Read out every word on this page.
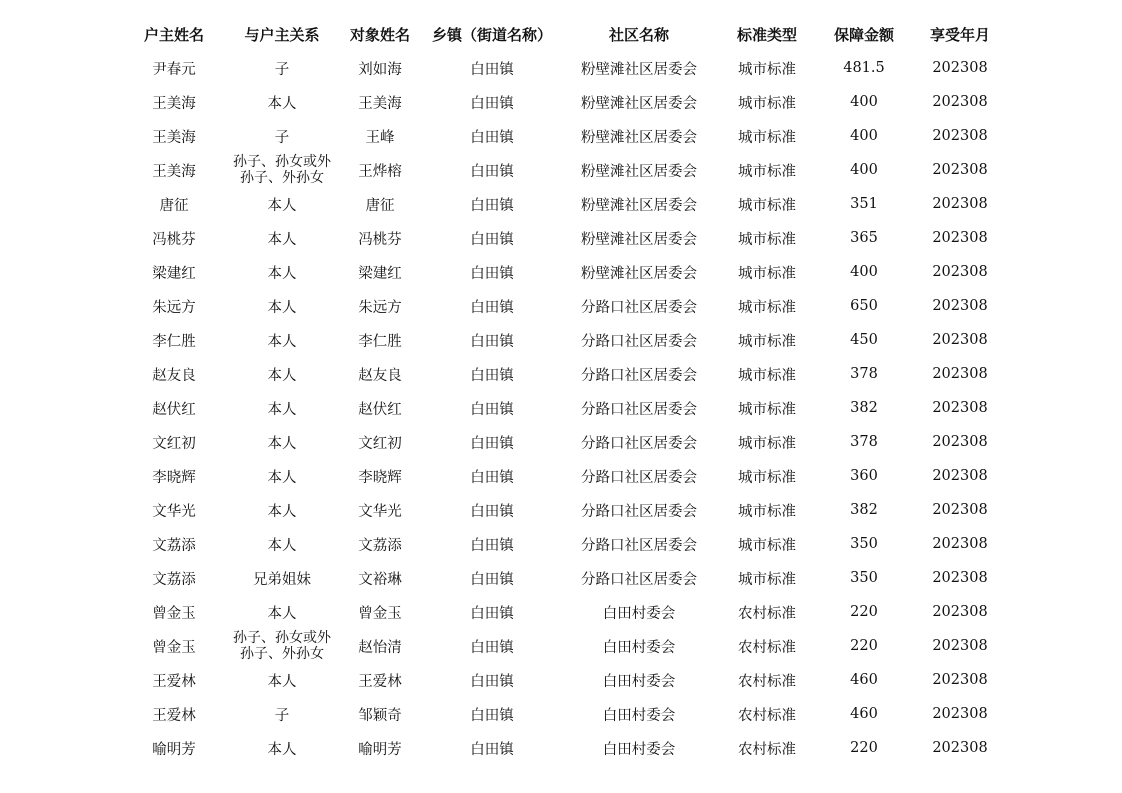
户主姓名	与户主关系	对象姓名	乡镇（街道名称）	社区名称	标准类型	保障金额	享受年月
尹春元	子	刘如海	白田镇	粉壁滩社区居委会	城市标准	481.5	202308
王美海	本人	王美海	白田镇	粉壁滩社区居委会	城市标准	400	202308
王美海	子	王峰	白田镇	粉壁滩社区居委会	城市标准	400	202308
王美海	孙子、孙女或外孙子、外孙女	王烨榕	白田镇	粉壁滩社区居委会	城市标准	400	202308
唐征	本人	唐征	白田镇	粉壁滩社区居委会	城市标准	351	202308
冯桃芬	本人	冯桃芬	白田镇	粉壁滩社区居委会	城市标准	365	202308
梁建红	本人	梁建红	白田镇	粉壁滩社区居委会	城市标准	400	202308
朱远方	本人	朱远方	白田镇	分路口社区居委会	城市标准	650	202308
李仁胜	本人	李仁胜	白田镇	分路口社区居委会	城市标准	450	202308
赵友良	本人	赵友良	白田镇	分路口社区居委会	城市标准	378	202308
赵伏红	本人	赵伏红	白田镇	分路口社区居委会	城市标准	382	202308
文红初	本人	文红初	白田镇	分路口社区居委会	城市标准	378	202308
李晓辉	本人	李晓辉	白田镇	分路口社区居委会	城市标准	360	202308
文华光	本人	文华光	白田镇	分路口社区居委会	城市标准	382	202308
文荔添	本人	文荔添	白田镇	分路口社区居委会	城市标准	350	202308
文荔添	兄弟姐妹	文裕琳	白田镇	分路口社区居委会	城市标准	350	202308
曾金玉	本人	曾金玉	白田镇	白田村委会	农村标准	220	202308
曾金玉	孙子、孙女或外孙子、外孙女	赵怡清	白田镇	白田村委会	农村标准	220	202308
王爱林	本人	王爱林	白田镇	白田村委会	农村标准	460	202308
王爱林	子	邹颖奇	白田镇	白田村委会	农村标准	460	202308
喻明芳	本人	喻明芳	白田镇	白田村委会	农村标准	220	202308
